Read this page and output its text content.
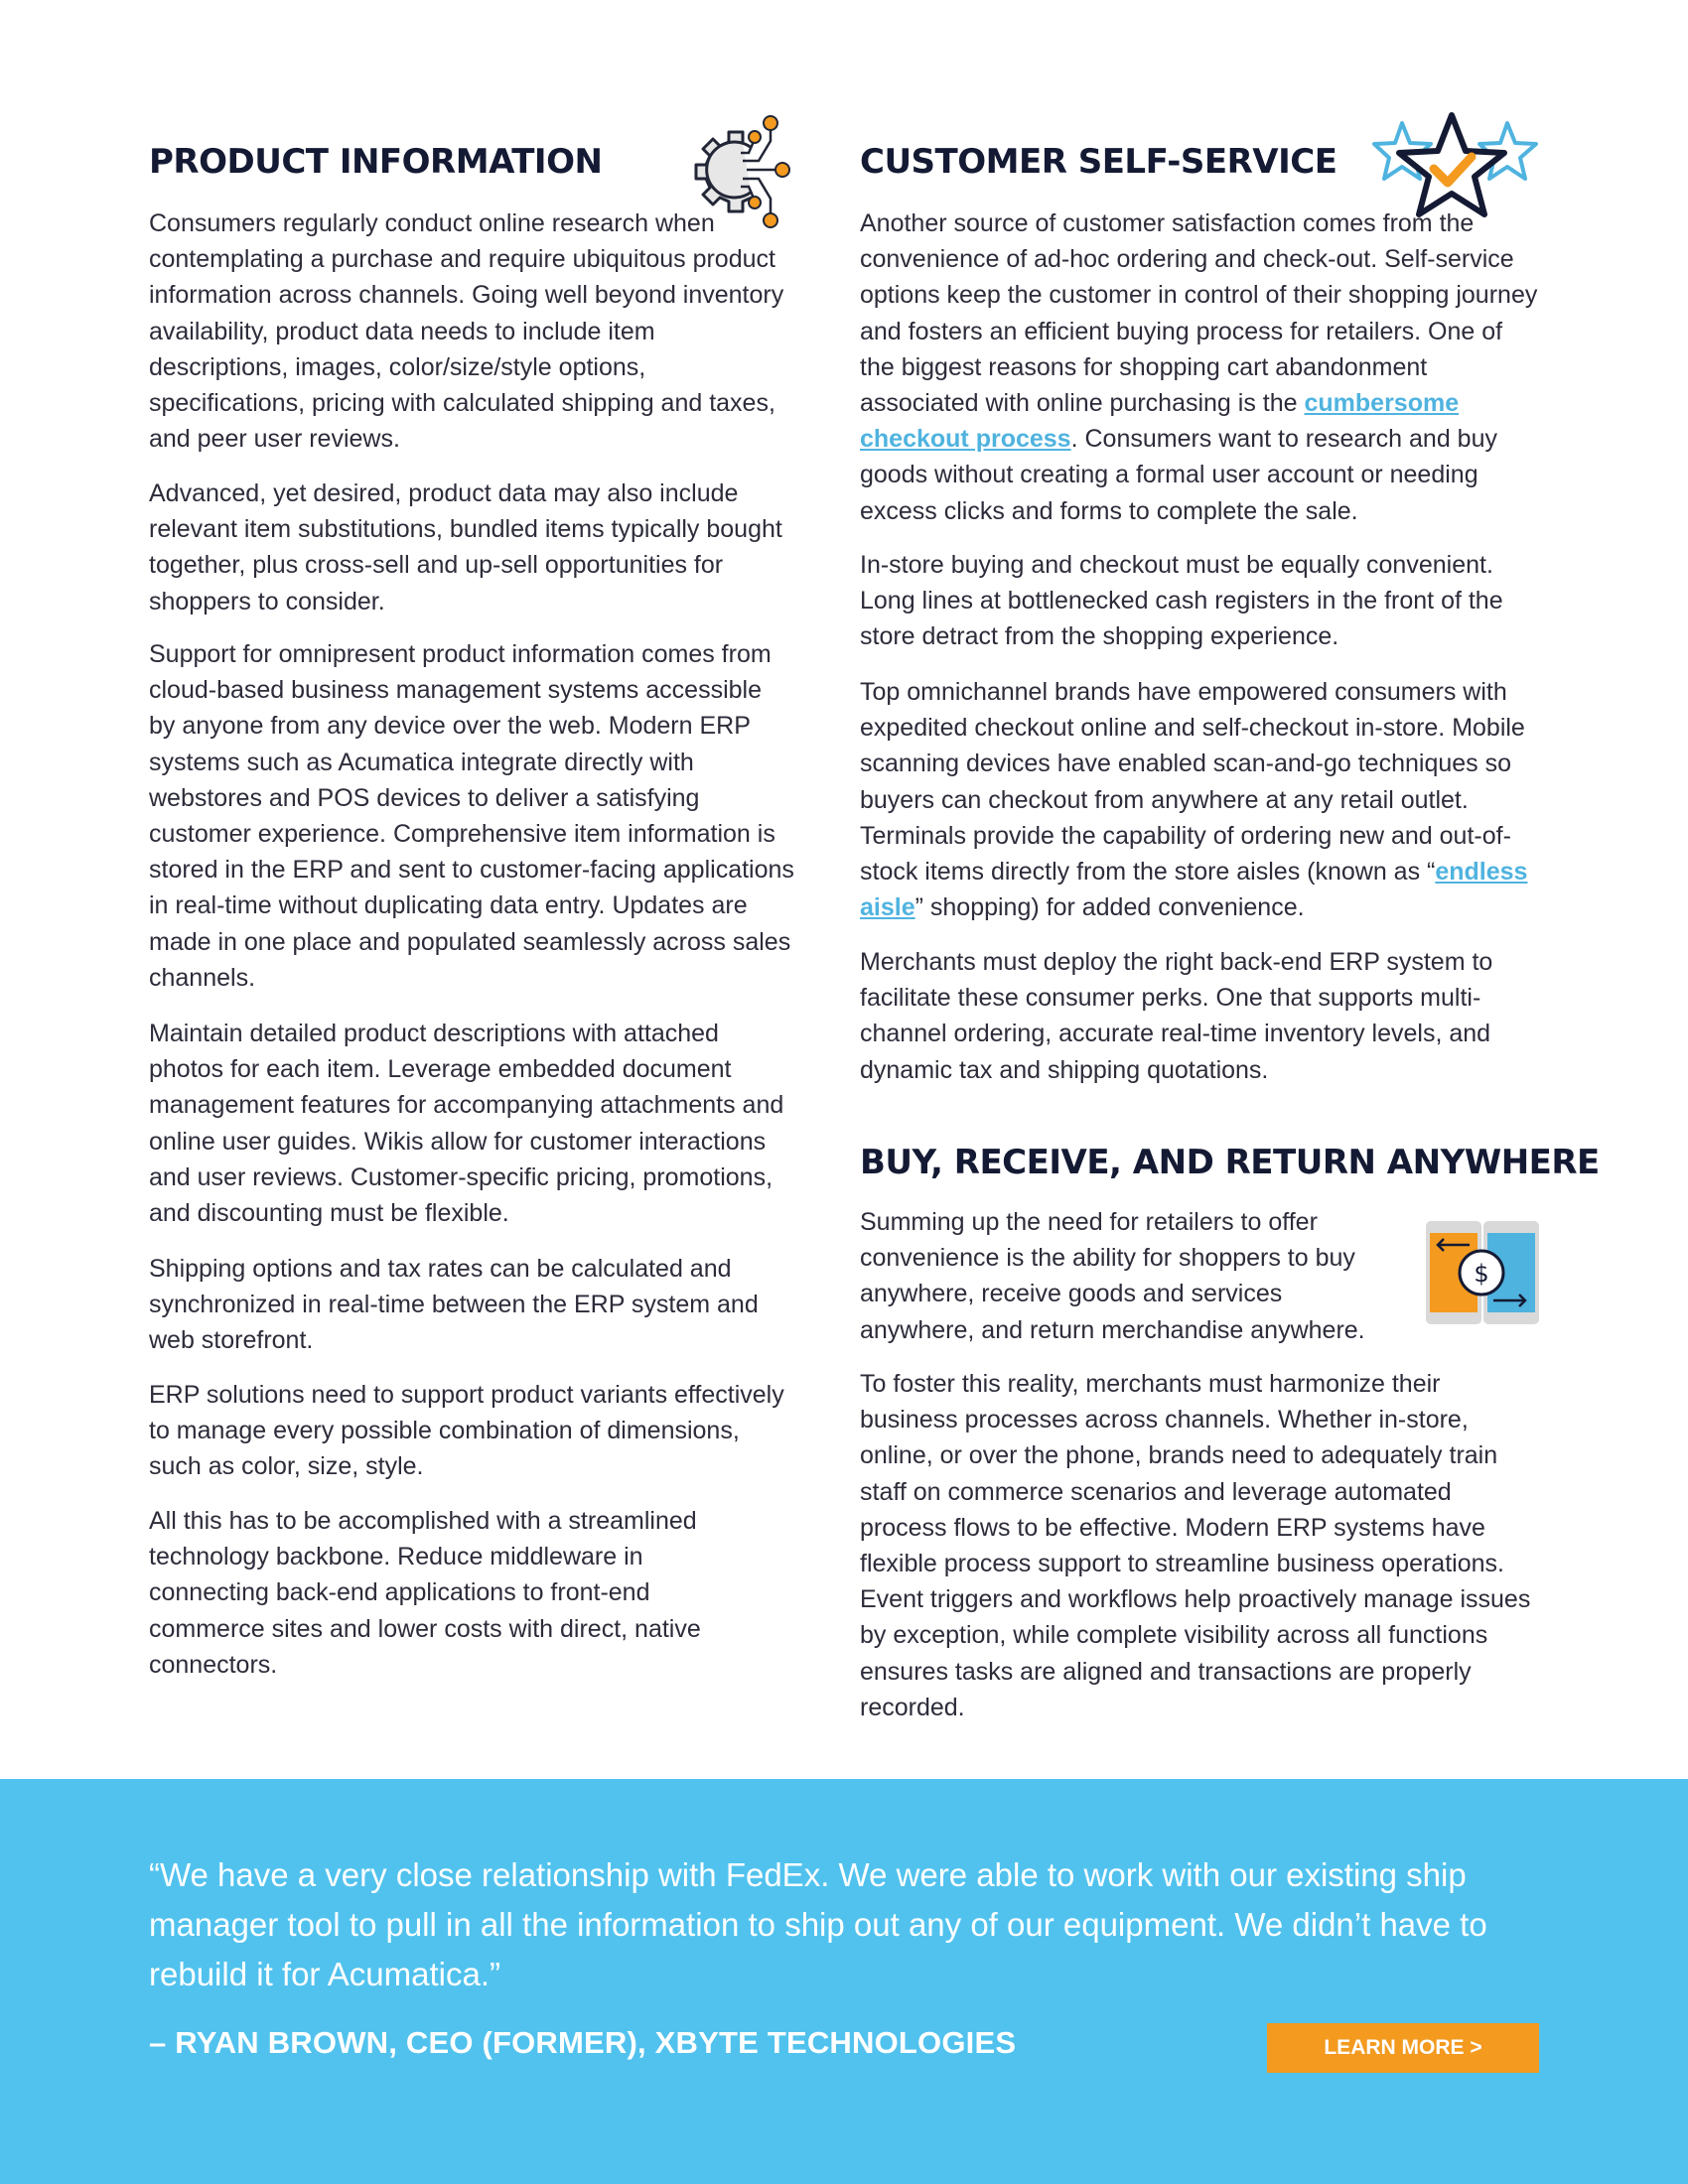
PRODUCT INFORMATION

Consumers regularly conduct online research when contemplating a purchase and require ubiquitous product information across channels. Going well beyond inventory availability, product data needs to include item descriptions, images, color/size/style options, specifications, pricing with calculated shipping and taxes, and peer user reviews.

Advanced, yet desired, product data may also include relevant item substitutions, bundled items typically bought together, plus cross-sell and up-sell opportunities for shoppers to consider.

Support for omnipresent product information comes from cloud-based business management systems accessible by anyone from any device over the web. Modern ERP systems such as Acumatica integrate directly with webstores and POS devices to deliver a satisfying customer experience. Comprehensive item information is stored in the ERP and sent to customer-facing applications in real-time without duplicating data entry. Updates are made in one place and populated seamlessly across sales channels.

Maintain detailed product descriptions with attached photos for each item. Leverage embedded document management features for accompanying attachments and online user guides. Wikis allow for customer interactions and user reviews. Customer-specific pricing, promotions, and discounting must be flexible.

Shipping options and tax rates can be calculated and synchronized in real-time between the ERP system and web storefront.

ERP solutions need to support product variants effectively to manage every possible combination of dimensions, such as color, size, style.

All this has to be accomplished with a streamlined technology backbone. Reduce middleware in connecting back-end applications to front-end commerce sites and lower costs with direct, native connectors.

CUSTOMER SELF-SERVICE

Another source of customer satisfaction comes from the convenience of ad-hoc ordering and check-out. Self-service options keep the customer in control of their shopping journey and fosters an efficient buying process for retailers. One of the biggest reasons for shopping cart abandonment associated with online purchasing is the cumbersome checkout process. Consumers want to research and buy goods without creating a formal user account or needing excess clicks and forms to complete the sale.

In-store buying and checkout must be equally convenient. Long lines at bottlenecked cash registers in the front of the store detract from the shopping experience.

Top omnichannel brands have empowered consumers with expedited checkout online and self-checkout in-store. Mobile scanning devices have enabled scan-and-go techniques so buyers can checkout from anywhere at any retail outlet. Terminals provide the capability of ordering new and out-of-stock items directly from the store aisles (known as “endless aisle” shopping) for added convenience.

Merchants must deploy the right back-end ERP system to facilitate these consumer perks. One that supports multi-channel ordering, accurate real-time inventory levels, and dynamic tax and shipping quotations.

BUY, RECEIVE, AND RETURN ANYWHERE
$

Summing up the need for retailers to offer convenience is the ability for shoppers to buy anywhere, receive goods and services anywhere, and return merchandise anywhere.

To foster this reality, merchants must harmonize their business processes across channels. Whether in-store, online, or over the phone, brands need to adequately train staff on commerce scenarios and leverage automated process flows to be effective. Modern ERP systems have flexible process support to streamline business operations. Event triggers and workflows help proactively manage issues by exception, while complete visibility across all functions ensures tasks are aligned and transactions are properly recorded.

“We have a very close relationship with FedEx. We were able to work with our existing ship manager tool to pull in all the information to ship out any of our equipment. We didn’t have to rebuild it for Acumatica.”

– RYAN BROWN, CEO (FORMER), XBYTE TECHNOLOGIES	LEARN MORE >
